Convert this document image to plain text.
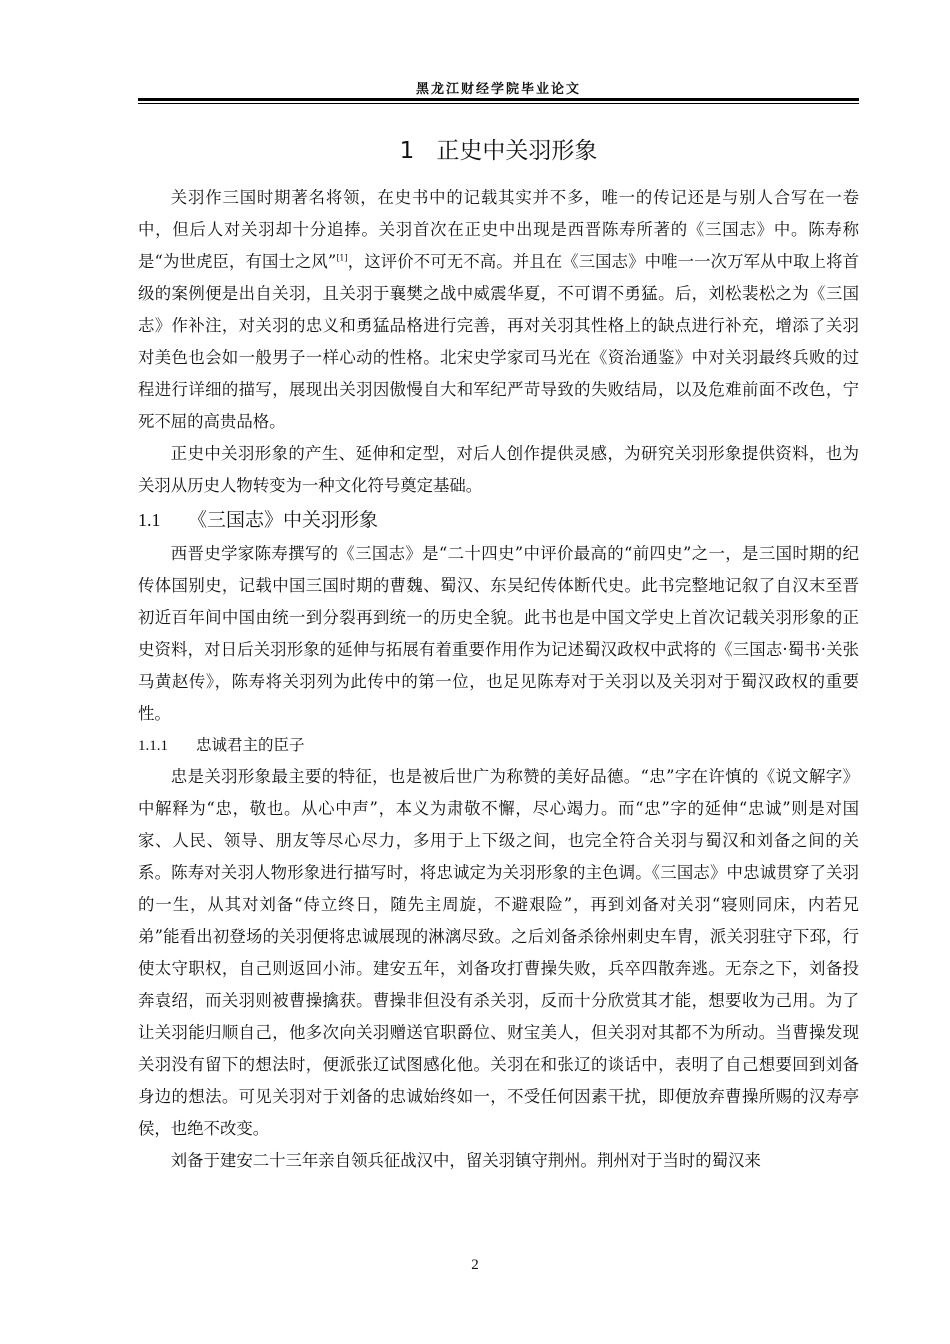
黑龙江财经学院毕业论文
1 正史中关羽形象

关羽作三国时期著名将领，在史书中的记载其实并不多，唯一的传记还是与别人合写在一卷中，但后人对关羽却十分追捧。关羽首次在正史中出现是西晋陈寿所著的《三国志》中。陈寿称是“为世虎臣，有国士之风”[1]，这评价不可无不高。并且在《三国志》中唯一一次万军从中取上将首级的案例便是出自关羽，且关羽于襄樊之战中威震华夏，不可谓不勇猛。后，刘松裴松之为《三国志》作补注，对关羽的忠义和勇猛品格进行完善，再对关羽其性格上的缺点进行补充，增添了关羽对美色也会如一般男子一样心动的性格。北宋史学家司马光在《资治通鉴》中对关羽最终兵败的过程进行详细的描写，展现出关羽因傲慢自大和军纪严苛导致的失败结局，以及危难前面不改色，宁死不屈的高贵品格。

正史中关羽形象的产生、延伸和定型，对后人创作提供灵感，为研究关羽形象提供资料，也为关羽从历史人物转变为一种文化符号奠定基础。

1.1 《三国志》中关羽形象

西晋史学家陈寿撰写的《三国志》是“二十四史”中评价最高的“前四史”之一，是三国时期的纪传体国别史，记载中国三国时期的曹魏、蜀汉、东吴纪传体断代史。此书完整地记叙了自汉末至晋初近百年间中国由统一到分裂再到统一的历史全貌。此书也是中国文学史上首次记载关羽形象的正史资料，对日后关羽形象的延伸与拓展有着重要作用作为记述蜀汉政权中武将的《三国志·蜀书·关张马黄赵传》，陈寿将关羽列为此传中的第一位，也足见陈寿对于关羽以及关羽对于蜀汉政权的重要性。

1.1.1 忠诚君主的臣子

忠是关羽形象最主要的特征，也是被后世广为称赞的美好品德。“忠”字在许慎的《说文解字》中解释为“忠，敬也。从心中声”，本义为肃敬不懈，尽心竭力。而“忠”字的延伸“忠诚”则是对国家、人民、领导、朋友等尽心尽力，多用于上下级之间，也完全符合关羽与蜀汉和刘备之间的关系。陈寿对关羽人物形象进行描写时，将忠诚定为关羽形象的主色调。《三国志》中忠诚贯穿了关羽的一生，从其对刘备“侍立终日，随先主周旋，不避艰险”，再到刘备对关羽“寝则同床，内若兄弟”能看出初登场的关羽便将忠诚展现的淋漓尽致。之后刘备杀徐州刺史车胄，派关羽驻守下邳，行使太守职权，自己则返回小沛。建安五年，刘备攻打曹操失败，兵卒四散奔逃。无奈之下，刘备投奔袁绍，而关羽则被曹操擒获。曹操非但没有杀关羽，反而十分欣赏其才能，想要收为己用。为了让关羽能归顺自己，他多次向关羽赠送官职爵位、财宝美人，但关羽对其都不为所动。当曹操发现关羽没有留下的想法时，便派张辽试图感化他。关羽在和张辽的谈话中，表明了自己想要回到刘备身边的想法。可见关羽对于刘备的忠诚始终如一，不受任何因素干扰，即便放弃曹操所赐的汉寿亭侯，也绝不改变。

刘备于建安二十三年亲自领兵征战汉中，留关羽镇守荆州。荆州对于当时的蜀汉来

2
